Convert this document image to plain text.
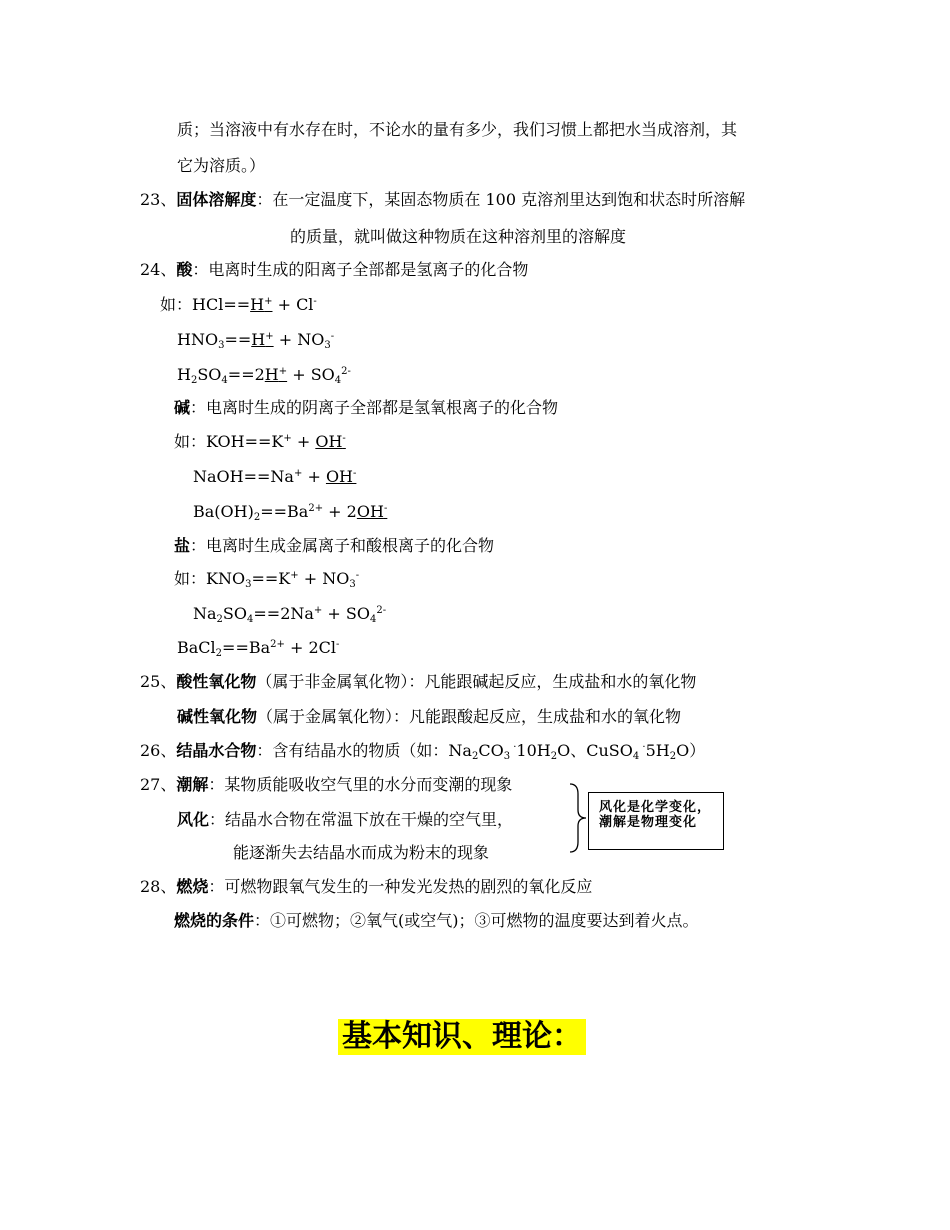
质；当溶液中有水存在时，不论水的量有多少，我们习惯上都把水当成溶剂，其
它为溶质。）
23、固体溶解度：在一定温度下，某固态物质在 100 克溶剂里达到饱和状态时所溶解
的质量，就叫做这种物质在这种溶剂里的溶解度
24、酸：电离时生成的阳离子全部都是氢离子的化合物
如：HCl==H+ + Cl-
$HNO_3==H^+ + NO_3^-$
$H_2SO_4==2H^+ + SO_4^{2-}$
碱：电离时生成的阴离子全部都是氢氧根离子的化合物
如：KOH==K+ + OH-
NaOH==Na+ + OH-
$Ba(OH)_2==Ba^{2+} + 2OH^-$
盐：电离时生成金属离子和酸根离子的化合物
如：$KNO_3==K^+ + NO_3^-$
$Na_2SO_4==2Na^+ + SO_4^{2-}$
$BaCl_2==Ba^{2+} + 2Cl^-$
25、酸性氧化物（属于非金属氧化物）：凡能跟碱起反应，生成盐和水的氧化物
碱性氧化物（属于金属氧化物）：凡能跟酸起反应，生成盐和水的氧化物
26、结晶水合物：含有结晶水的物质（如：$Na_2CO_3$ $^\cdot 10H_2O$、CuSO$_4$ $^\cdot 5H_2O$）
27、潮解：某物质能吸收空气里的水分而变潮的现象
风化：结晶水合物在常温下放在干燥的空气里，
能逐渐失去结晶水而成为粉末的现象
风化是化学变化，潮解是物理变化
28、燃烧：可燃物跟氧气发生的一种发光发热的剧烈的氧化反应
燃烧的条件：①可燃物；②氧气(或空气)；③可燃物的温度要达到着火点。
基本知识、理论：
